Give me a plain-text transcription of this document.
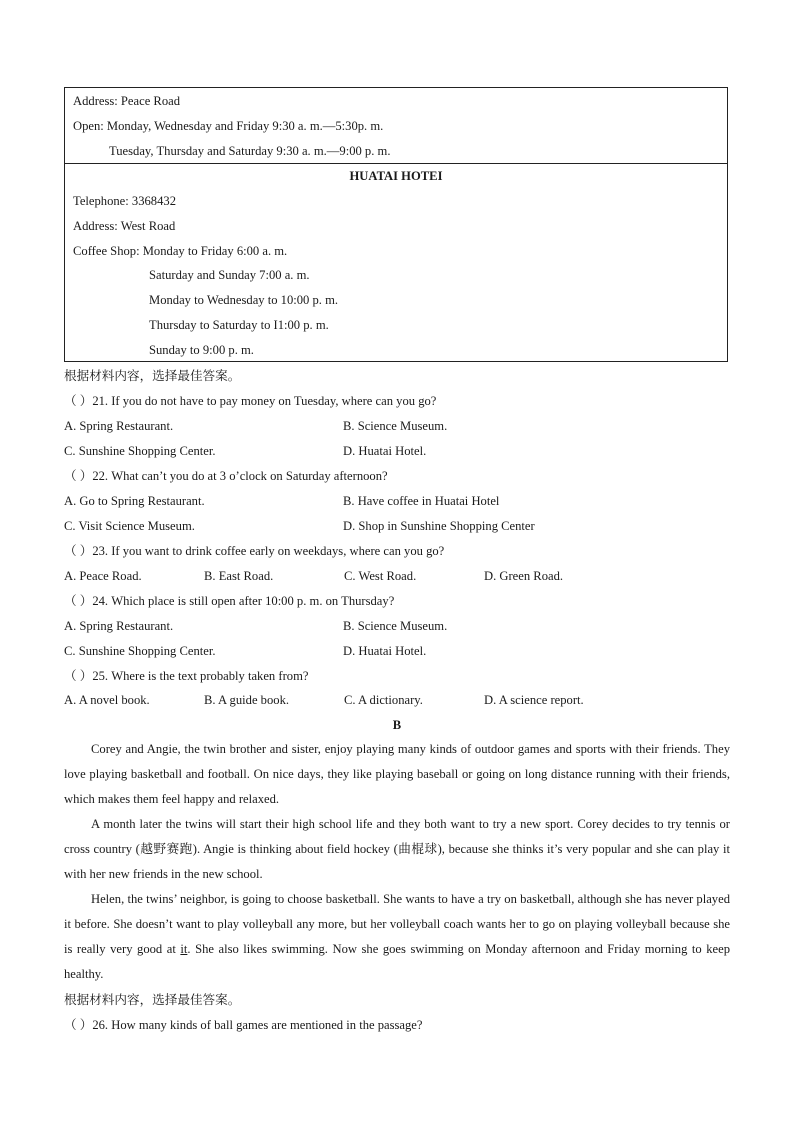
Address: Peace Road
Open: Monday, Wednesday and Friday 9:30 a. m.—5:30p. m.
Tuesday, Thursday and Saturday 9:30 a. m.—9:00 p. m.
HUATAI HOTEI
Telephone: 3368432
Address: West Road
Coffee Shop: Monday to Friday 6:00 a. m.
Saturday and Sunday 7:00 a. m.
Monday to Wednesday to 10:00 p. m.
Thursday to Saturday to I1:00 p. m.
Sunday to 9:00 p. m.
根据材料内容，选择最佳答案。
（ ）21. If you do not have to pay money on Tuesday, where can you go?
A. Spring Restaurant.	B. Science Museum.
C. Sunshine Shopping Center.	D. Huatai Hotel.
（ ）22. What can’t you do at 3 o’clock on Saturday afternoon?
A. Go to Spring Restaurant.	B. Have coffee in Huatai Hotel
C. Visit Science Museum.	D. Shop in Sunshine Shopping Center
（ ）23. If you want to drink coffee early on weekdays, where can you go?
A. Peace Road.	B. East Road.	C. West Road.	D. Green Road.
（ ）24. Which place is still open after 10:00 p. m. on Thursday?
A. Spring Restaurant.	B. Science Museum.
C. Sunshine Shopping Center.	D. Huatai Hotel.
（ ）25. Where is the text probably taken from?
A. A novel book.	B. A guide book.	C. A dictionary.	D. A science report.
B
Corey and Angie, the twin brother and sister, enjoy playing many kinds of outdoor games and sports with their friends. They love playing basketball and football. On nice days, they like playing baseball or going on long distance running with their friends, which makes them feel happy and relaxed.
A month later the twins will start their high school life and they both want to try a new sport. Corey decides to try tennis or cross country (越野赛跑). Angie is thinking about field hockey (曲棍球), because she thinks it’s very popular and she can play it with her new friends in the new school.
Helen, the twins’ neighbor, is going to choose basketball. She wants to have a try on basketball, although she has never played it before. She doesn’t want to play volleyball any more, but her volleyball coach wants her to go on playing volleyball because she is really very good at it. She also likes swimming. Now she goes swimming on Monday afternoon and Friday morning to keep healthy.
根据材料内容，选择最佳答案。
（ ）26. How many kinds of ball games are mentioned in the passage?
